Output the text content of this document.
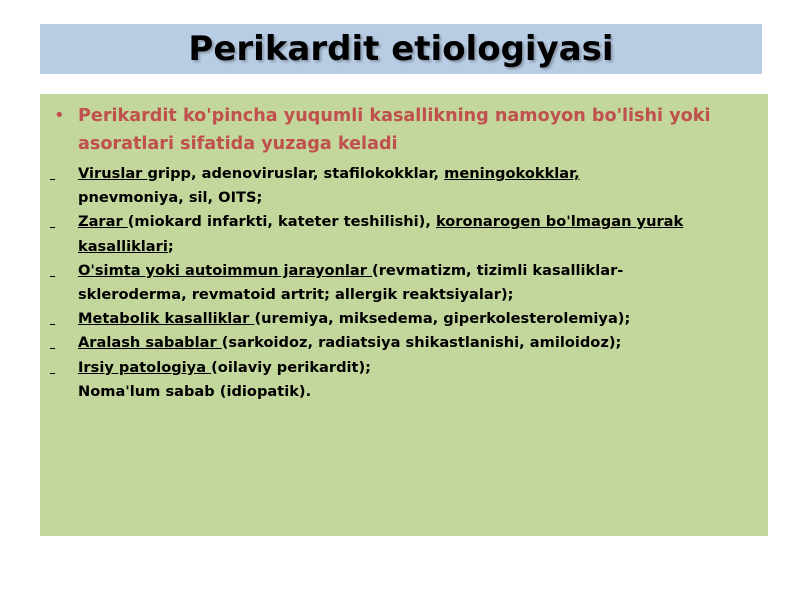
Perikardit etiologiyasi
• Perikardit ko'pincha yuqumli kasallikning namoyon bo'lishi yoki asoratlari sifatida yuzaga keladi
Viruslar gripp, adenoviruslar, stafilokokklar, meningokokklar,
pnevmoniya, sil, OITS;
Zarar (miokard infarkti, kateter teshilishi), koronarogen bo'lmagan yurak
kasalliklari;
O'simta yoki autoimmun jarayonlar (revmatizm, tizimli kasalliklar-
skleroderma, revmatoid artrit; allergik reaktsiyalar);
Metabolik kasalliklar (uremiya, miksedema, giperkolesterolemiya);
Aralash sabablar (sarkoidoz, radiatsiya shikastlanishi, amiloidoz);
Irsiy patologiya (oilaviy perikardit);
Noma'lum sabab (idiopatik).
